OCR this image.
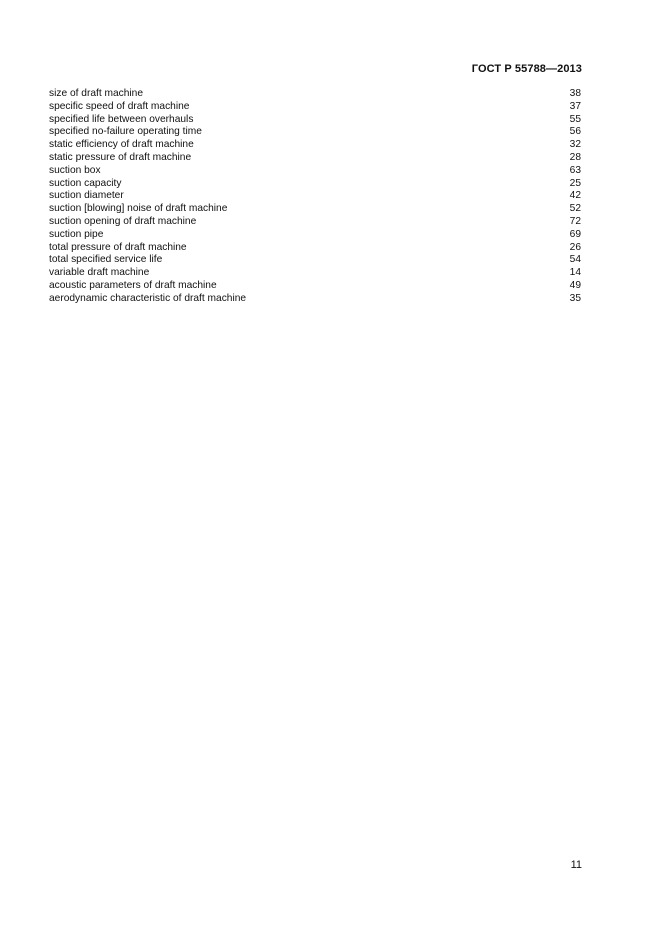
ГОСТ Р 55788—2013
size of draft machine	38
specific speed of draft machine	37
specified life between overhauls	55
specified no-failure operating time	56
static efficiency of draft machine	32
static pressure of draft machine	28
suction box	63
suction capacity	25
suction diameter	42
suction [blowing] noise of draft machine	52
suction opening of draft machine	72
suction pipe	69
total pressure of draft machine	26
total specified service life	54
variable draft machine	14
acoustic parameters of draft machine	49
aerodynamic characteristic of draft machine	35
11
